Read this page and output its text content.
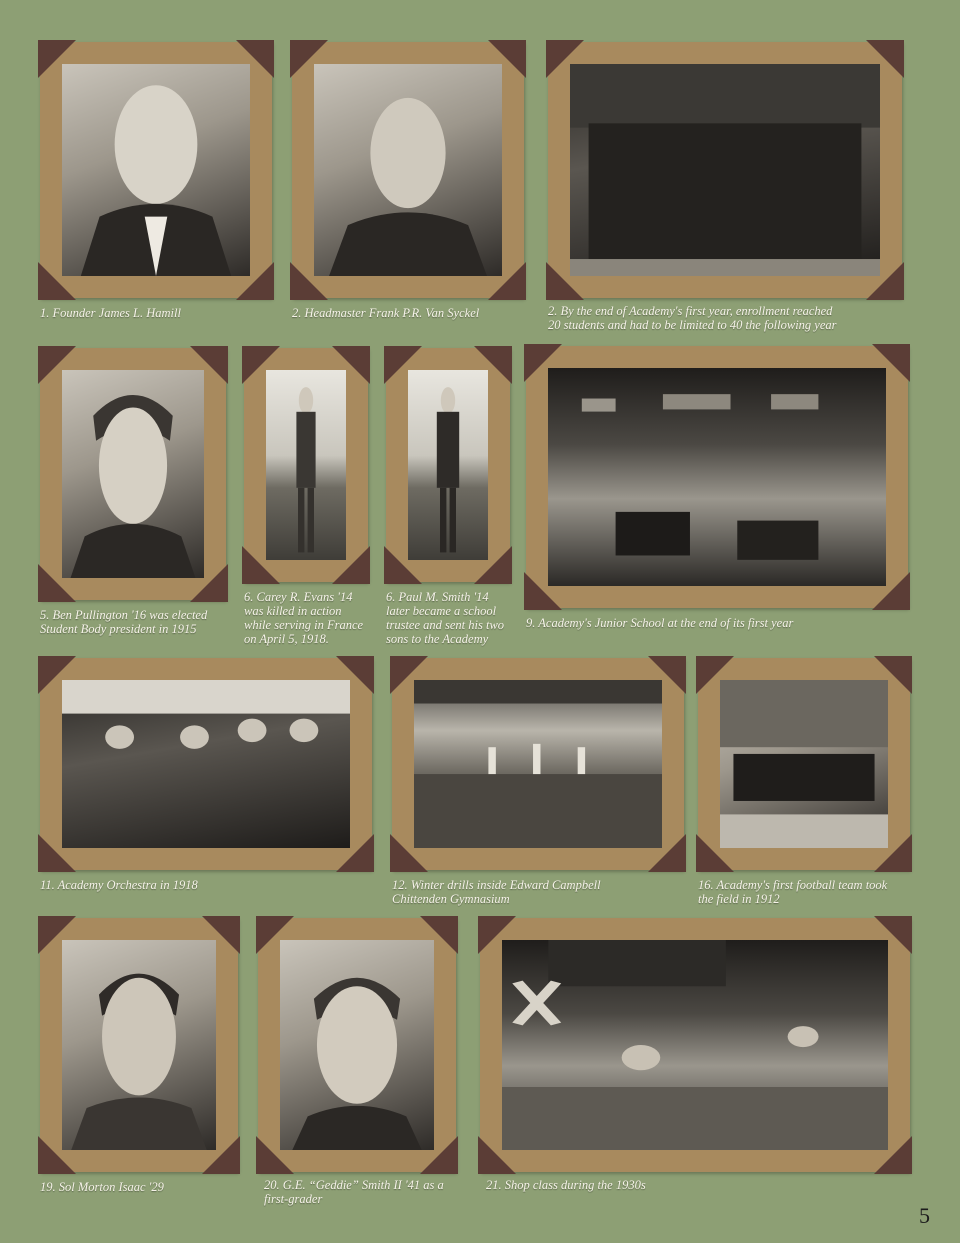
1. Founder James L. Hamill	2. Headmaster Frank P.R. Van Syckel	2. By the end of Academy's first year, enrollment reached 20 students and had to be limited to 40 the following year
5. Ben Pullington '16 was elected Student Body president in 1915
6. Carey R. Evans '14 was killed in action while serving in France on April 5, 1918.
6. Paul M. Smith '14 later became a school trustee and sent his two sons to the Academy
9. Academy's Junior School at the end of its first year
11. Academy Orchestra in 1918	12. Winter drills inside Edward Campbell Chittenden Gymnasium
16. Academy's first football team took the field in 1912
19. Sol Morton Isaac '29	20. G.E. “Geddie” Smith II '41 as a first-grader
21. Shop class during the 1930s
5
